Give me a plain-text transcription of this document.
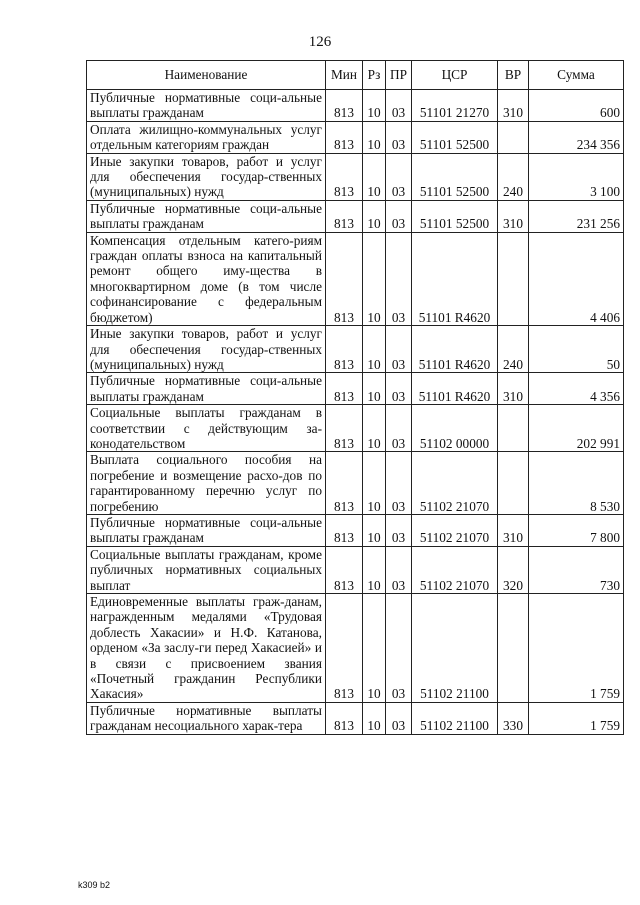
126
Наименование	Мин	Рз	ПР	ЦСР	ВР	Сумма
Публичные нормативные соци-альные выплаты гражданам	813	10	03	51101 21270	310	600
Оплата жилищно-коммунальных услуг отдельным категориям граждан	813	10	03	51101 52500		234 356
Иные закупки товаров, работ и услуг для обеспечения государ-ственных (муниципальных) нужд	813	10	03	51101 52500	240	3 100
Публичные нормативные соци-альные выплаты гражданам	813	10	03	51101 52500	310	231 256
Компенсация отдельным катего-риям граждан оплаты взноса на капитальный ремонт общего иму-щества в многоквартирном доме (в том числе софинансирование с федеральным бюджетом)	813	10	03	51101 R4620		4 406
Иные закупки товаров, работ и услуг для обеспечения государ-ственных (муниципальных) нужд	813	10	03	51101 R4620	240	50
Публичные нормативные соци-альные выплаты гражданам	813	10	03	51101 R4620	310	4 356
Социальные выплаты гражданам в соответствии с действующим за-конодательством	813	10	03	51102 00000		202 991
Выплата социального пособия на погребение и возмещение расхо-дов по гарантированному перечню услуг по погребению	813	10	03	51102 21070		8 530
Публичные нормативные соци-альные выплаты гражданам	813	10	03	51102 21070	310	7 800
Социальные выплаты гражданам, кроме публичных нормативных социальных выплат	813	10	03	51102 21070	320	730
Единовременные выплаты граж-данам, награжденным медалями «Трудовая доблесть Хакасии» и Н.Ф. Катанова, орденом «За заслу-ги перед Хакасией» и в связи с присвоением звания «Почетный гражданин Республики Хакасия»	813	10	03	51102 21100		1 759
Публичные нормативные выплаты гражданам несоциального харак-тера	813	10	03	51102 21100	330	1 759
k309 b2
